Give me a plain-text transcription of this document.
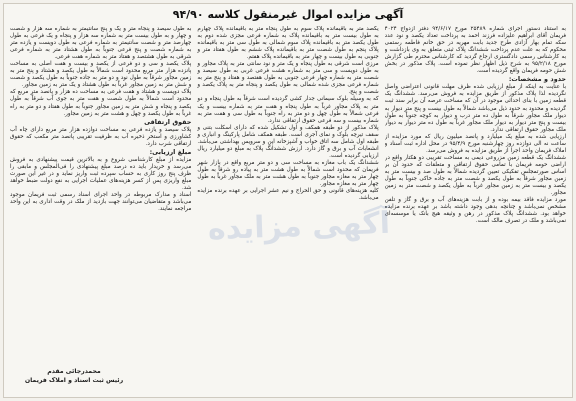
آگهی مزایده اموال غیرمنقول کلاسه ۹۴/۹۰

به استناد دستور اجرای شماره ۲۵۴۸۹ مورخ ۹۴/۶/۱۷ دفتر ازدواج ۴۰۲۴ فریمان آقای ابراهیم علیزاده فرزند احمد به پرداخت تعداد یکصد و نود عدد سکه تمام بهار آزادی طرح جدید بابت مهریه در حق خانم فاطمه رستمی محکوم که به علت عدم پرداخت ششدانگ پلاک ثبتی متعلق به وی بازداشت و به کارشناس رسمی دادگستری ارجاع گردید که کارشناس محترم طی گزارش مورخ ۹۵/۲/۱۸ به شرح ذیل اظهار نظر نموده است. پلاک مذکور در بخش شش حومه فریمان واقع گردیده است.

حدود و مشخصات:

با عنایت به اینکه از مبلغ ارزیابی شده ظرف مهلت قانونی اعتراضی واصل نگردیده لذا پلاک مذکور از طریق مزایده به فروش می‌رسد. ششدانگ یک قطعه زمین با بنای احداثی موجود در آن که مساحت عرصه آن برابر سند ثبت گردیده و محدود به حدود ذیل می‌باشد شمالاً به طول بیست و پنج متر دیوار به دیوار ملک مجاور شرقاً به طول ده متر درب و دیوار به کوچه جنوباً به طول بیست و پنج متر دیوار به دیوار ملک مجاور غرباً به طول ده متر دیوار به دیوار ملک مجاور حقوق ارتفاقی ندارد.

ارزیابی شده به مبلغ یک میلیارد و پانصد میلیون ریال که مورد مزایده از ساعت نه الی دوازده روز چهارشنبه مورخ ۹۵/۴/۹ در محل اداره ثبت اسناد و املاک فریمان واحد اجرا از طریق مزایده به فروش می‌رسد.

ششدانگ یک قطعه زمین مزروعی دیمی به مساحت تقریبی دو هکتار واقع در اراضی حومه فریمان با تمامی حقوق ارتفاقی و متعلقات که حدود آن بر اساس صورتمجلس تفکیکی تعیین گردیده شمالاً به طول صد و بیست متر به زمین مجاور شرقاً به طول یکصد و شصت متر به جاده خاکی جنوباً به طول یکصد و بیست متر به زمین مجاور غرباً به طول یکصد و شصت متر به زمین مجاور.

مورد مزایده فاقد بیمه بوده و از بابت هزینه‌های آب و برق و گاز و تلفن مشخص نمی‌باشد و چنانچه بدهی وجود داشته باشد بر عهده برنده مزایده خواهد بود. ششدانگ پلاک مذکور در رهن و وثیقه هیچ بانک یا موسسه‌ای نمی‌باشد و ملک در تصرف مالک است.

یکصد متر به باقیمانده پلاک سوم به طول پنجاه متر به باقیمانده پلاک چهارم به طول بیست متر به باقیمانده پلاک به شماره فرعی مجزی شده دوم به طول یکصد متر به باقیمانده پلاک سوم شمالی به طول سی متر به باقیمانده پلاک پنجم به طول شصت متر به باقیمانده پلاک ششم به طول هفتاد متر و جنوبی به طول بیست و چهار متر به باقیمانده پلاک هفتم.

مرزی است شرقی به طول پنجاه و یک متر و نود سانتی متر به پلاک مجاور و به طول دویست و سی متر به شماره هشت فرعی غربی به طول سیصد و شصت متر به شماره چهار فرعی جنوبی به طول هفتصد و هفتاد و پنج متر به شماره فرعی مجزی شده شمالی به طول یکصد و پنجاه متر به پلاک یکصد و شصت و پنج.

که به وسیله بلوک سیمانی جدار کشی گردیده است شرقاً به طول پنجاه و دو متر به پلاک مجاور غرباً به طول پنجاه و هفت متر به شماره بیست و یک فرعی شمالاً به طول چهل و دو متر به راه جنوباً به طول سی و هفت متر به شماره بیست و سه فرعی حقوق ارتفاقی ندارد.

پلاک مذکور از دو طبقه همکف و اول تشکیل شده که دارای اسکلت بتنی و سقف تیرچه بلوک و نمای آجری است. طبقه همکف شامل پارکینگ و انباری و طبقه اول شامل سه اتاق خواب و آشپزخانه اپن و سرویس بهداشتی می‌باشد. انشعابات آب و برق و گاز دارد. ارزش ششدانگ پلاک به مبلغ دو میلیارد ریال ارزیابی گردیده است.

ششدانگ یک باب مغازه به مساحت سی و دو متر مربع واقع در بازار شهر فریمان که محدود است شمالاً به طول هشت متر به پیاده رو شرقاً به طول چهار متر به مغازه مجاور جنوباً به طول هشت متر به ملک مجاور غرباً به طول چهار متر به مغازه مجاور.

کلیه هزینه‌های قانونی و حق الحراج و نیم عشر اجرایی بر عهده برنده مزایده می‌باشد.

به طول سیصد و پنجاه متر و یک و پنج سانتیمتر به شماره سه هزار و شصت و چهار و به طول بیست متر به شماره سه هزار و پنجاه و یک فرعی به طول چهارصد متر و شصت سانتیمتر به شماره فرعی به طول دویست و یازده متر به شماره شصت و پنج فرعی جنوباً به طول هشتاد متر به شماره فرعی شرقی به طول هشتصد و هفتاد متر به شماره هفت فرعی.

پلاک یکصد و سی و دو فرعی از یکصد و بیست و هفت اصلی به مساحت پانزده هزار متر مربع محدود است شمالاً به طول یکصد و هشتاد و پنج متر به زمین مجاور شرقاً به طول نود و دو متر به جاده جنوباً به طول یکصد و شصت و شش متر به زمین مجاور غرباً به طول هشتاد و یک متر به زمین مجاور.

پلاک دویست و هشتاد و هفت فرعی به مساحت ده هزار و پانصد متر مربع که محدود است شمالاً به طول شصت و هفت متر به جوی آب شرقاً به طول یکصد و پنجاه و شش متر به زمین مجاور جنوباً به طول هفتاد و دو متر به راه غرباً به طول یکصد و چهل و هشت متر به زمین مجاور.

حقوق ارتفاقی

پلاک سیصد و یازده فرعی به مساحت دوازده هزار متر مربع دارای چاه آب کشاورزی و استخر ذخیره آب به ظرفیت تقریبی پانصد متر مکعب که حقوق ارتفاقی شرب دارد.

مبلغ ارزیابی:

مزایده از مبلغ کارشناسی شروع و به بالاترین قیمت پیشنهادی به فروش می‌رسد و خریدار باید ده درصد مبلغ پیشنهادی را فی‌المجلس و مابقی را ظرف پنج روز کاری به حساب سپرده ثبت واریز نماید و در غیر این صورت مبلغ واریزی پس از کسر هزینه‌های عملیات اجرایی به نفع دولت ضبط خواهد شد.

اسناد و مدارک مربوطه در واحد اجرای اسناد رسمی ثبت فریمان موجود می‌باشد و متقاضیان می‌توانند جهت بازدید از ملک در وقت اداری به این واحد مراجعه نمایند. آگهی مزایده
محمدرجائی مقدم
رئیس ثبت اسناد و املاک فریمان
